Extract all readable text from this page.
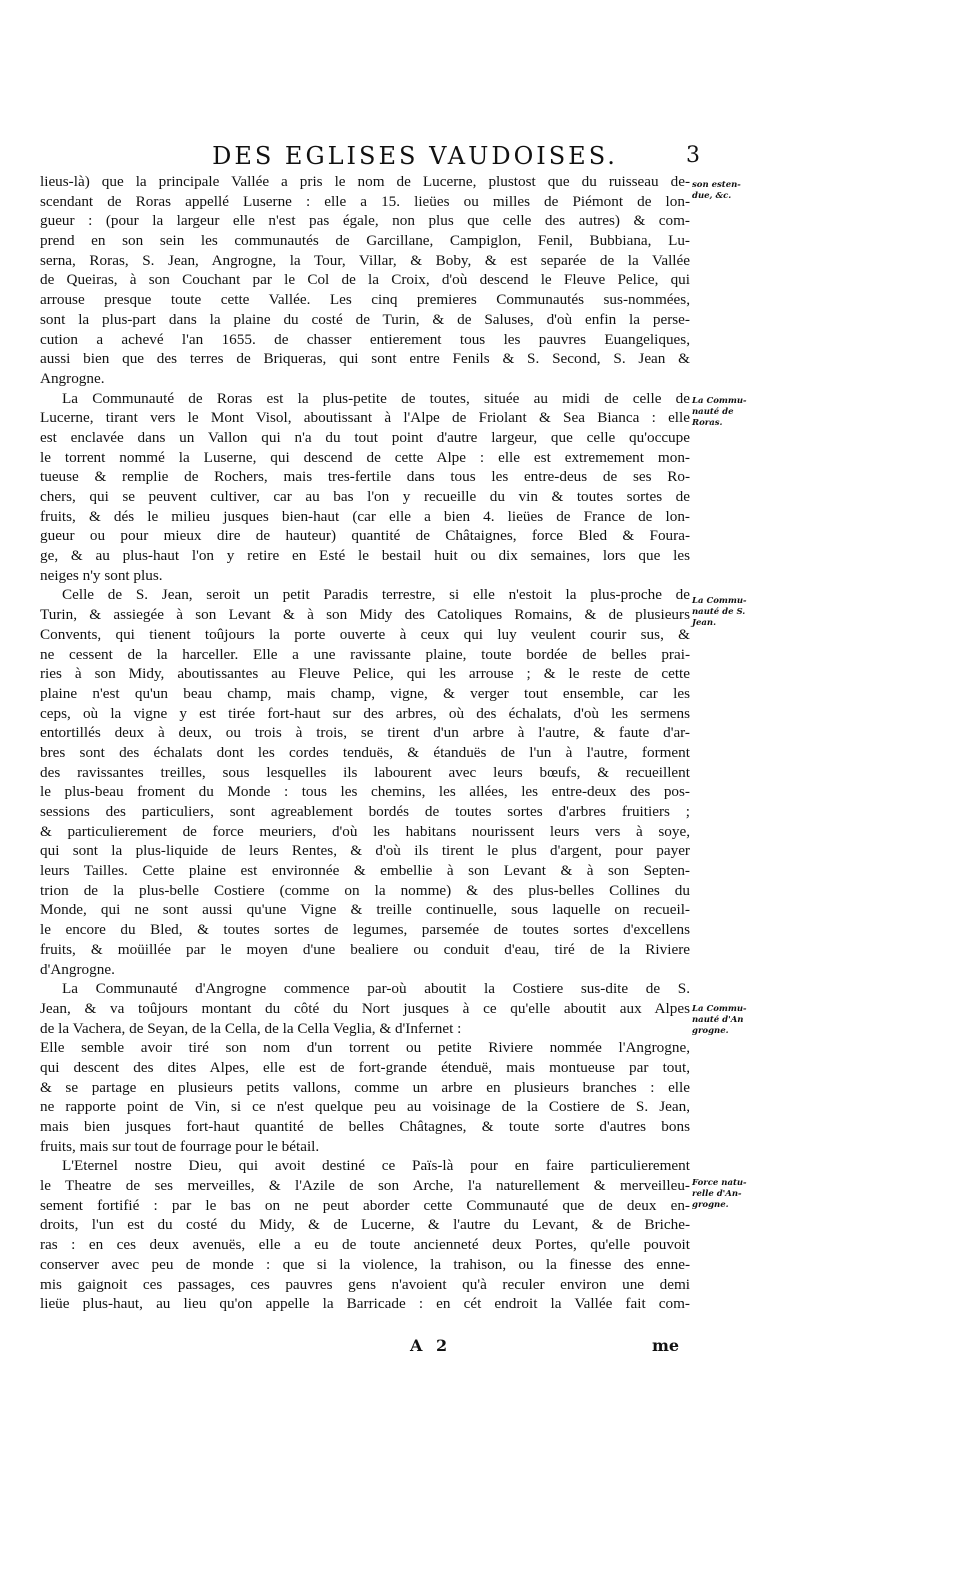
DES EGLISES VAUDOISES.	3
lieus-là) que la principale Vallée a pris le nom de Lucerne, plustost que du ruisseau de-
scendant de Roras appellé Luserne : elle a 15. lieües ou milles de Piémont de lon-
gueur : (pour la largeur elle n'est pas égale, non plus que celle des autres) & com-
prend en son sein les communautés de Garcillane, Campiglon, Fenil, Bubbiana, Lu-
serna, Roras, S. Jean, Angrogne, la Tour, Villar, & Boby, & est separée de la Vallée
de Queiras, à son Couchant par le Col de la Croix, d'où descend le Fleuve Pelice, qui
arrouse presque toute cette Vallée. Les cinq premieres Communautés sus-nommées,
sont la plus-part dans la plaine du costé de Turin, & de Saluses, d'où enfin la perse-
cution a achevé l'an 1655. de chasser entierement tous les pauvres Euangeliques,
aussi bien que des terres de Briqueras, qui sont entre Fenils & S. Second, S. Jean &
Angrogne.
La Communauté de Roras est la plus-petite de toutes, située au midi de celle de
Lucerne, tirant vers le Mont Visol, aboutissant à l'Alpe de Friolant & Sea Bianca : elle
est enclavée dans un Vallon qui n'a du tout point d'autre largeur, que celle qu'occupe
le torrent nommé la Luserne, qui descend de cette Alpe : elle est extremement mon-
tueuse & remplie de Rochers, mais tres-fertile dans tous les entre-deus de ses Ro-
chers, qui se peuvent cultiver, car au bas l'on y recueille du vin & toutes sortes de
fruits, & dés le milieu jusques bien-haut (car elle a bien 4. lieües de France de lon-
gueur ou pour mieux dire de hauteur) quantité de Châtaignes, force Bled & Foura-
ge, & au plus-haut l'on y retire en Esté le bestail huit ou dix semaines, lors que les
neiges n'y sont plus.
Celle de S. Jean, seroit un petit Paradis terrestre, si elle n'estoit la plus-proche de
Turin, & assiegée à son Levant & à son Midy des Catoliques Romains, & de plusieurs
Convents, qui tienent toûjours la porte ouverte à ceux qui luy veulent courir sus, &
ne cessent de la harceller. Elle a une ravissante plaine, toute bordée de belles prai-
ries à son Midy, aboutissantes au Fleuve Pelice, qui les arrouse ; & le reste de cette
plaine n'est qu'un beau champ, mais champ, vigne, & verger tout ensemble, car les
ceps, où la vigne y est tirée fort-haut sur des arbres, où des échalats, d'où les sermens
entortillés deux à deux, ou trois à trois, se tirent d'un arbre à l'autre, & faute d'ar-
bres sont des échalats dont les cordes tenduës, & étanduës de l'un à l'autre, forment
des ravissantes treilles, sous lesquelles ils labourent avec leurs bœufs, & recueillent
le plus-beau froment du Monde : tous les chemins, les allées, les entre-deux des pos-
sessions des particuliers, sont agreablement bordés de toutes sortes d'arbres fruitiers ;
& particulierement de force meuriers, d'où les habitans nourissent leurs vers à soye,
qui sont la plus-liquide de leurs Rentes, & d'où ils tirent le plus d'argent, pour payer
leurs Tailles. Cette plaine est environnée & embellie à son Levant & à son Septen-
trion de la plus-belle Costiere (comme on la nomme) & des plus-belles Collines du
Monde, qui ne sont aussi qu'une Vigne & treille continuelle, sous laquelle on recueil-
le encore du Bled, & toutes sortes de legumes, parsemée de toutes sortes d'excellens
fruits, & moüillée par le moyen d'une bealiere ou conduit d'eau, tiré de la Riviere
d'Angrogne.
La Communauté d'Angrogne commence par-où aboutit la Costiere sus-dite de S.
Jean, & va toûjours montant du côté du Nort jusques à ce qu'elle aboutit aux Alpes
de la Vachera, de Seyan, de la Cella, de la Cella Veglia, & d'Infernet :
Elle semble avoir tiré son nom d'un torrent ou petite Riviere nommée l'Angrogne,
qui descent des dites Alpes, elle est de fort-grande étenduë, mais montueuse par tout,
& se partage en plusieurs petits vallons, comme un arbre en plusieurs branches : elle
ne rapporte point de Vin, si ce n'est quelque peu au voisinage de la Costiere de S. Jean,
mais bien jusques fort-haut quantité de belles Châtagnes, & toute sorte d'autres bons
fruits, mais sur tout de fourrage pour le bétail.
L'Eternel nostre Dieu, qui avoit destiné ce Païs-là pour en faire particulierement
le Theatre de ses merveilles, & l'Azile de son Arche, l'a naturellement & merveilleu-
sement fortifié : par le bas on ne peut aborder cette Communauté que de deux en-
droits, l'un est du costé du Midy, & de Lucerne, & l'autre du Levant, & de Briche-
ras : en ces deux avenuës, elle a eu de toute ancienneté deux Portes, qu'elle pouvoit
conserver avec peu de monde : que si la violence, la trahison, ou la finesse des enne-
mis gaignoit ces passages, ces pauvres gens n'avoient qu'à reculer environ une demi
lieüe plus-haut, au lieu qu'on appelle la Barricade : en cét endroit la Vallée fait com-
son esten-
due, &c.
La Commu-
nauté de
Roras.
La Commu-
nauté de S.
Jean.
La Commu-
nauté d'An
grogne.
Force natu-
relle d'An-
grogne.
A 2	me
